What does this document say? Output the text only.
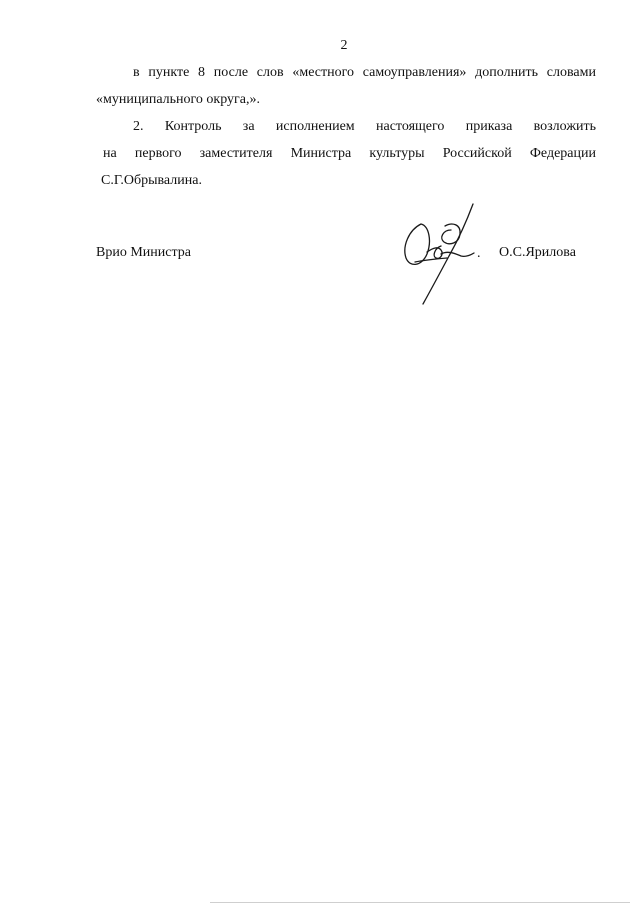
2
в пункте 8 после слов «местного самоуправления» дополнить словами
«муниципального округа,».
2. Контроль за исполнением настоящего приказа возложить
на первого заместителя Министра культуры Российской Федерации
С.Г.Обрывалина.
Врио Министра	. О.С.Ярилова
